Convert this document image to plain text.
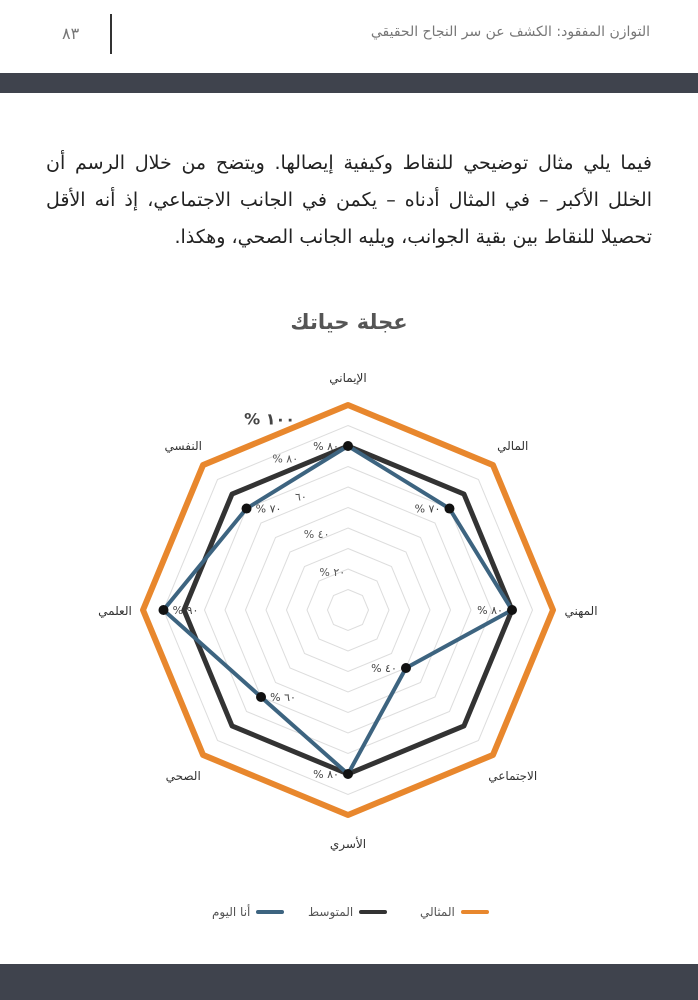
التوازن المفقود: الكشف عن سر النجاح الحقيقي
٨٣

فيما يلي مثال توضيحي للنقاط وكيفية إيصالها. ويتضح من خلال الرسم أن الخلل الأكبر – في المثال أدناه – يكمن في الجانب الاجتماعي، إذ أنه الأقل تحصيلا للنقاط بين بقية الجوانب، ويليه الجانب الصحي، وهكذا.

عجلة حياتك
٢٠ %
٤٠ %
٦٠
٨٠ %
١٠٠ %
٨٠ %
٧٠ %
٨٠ %
٤٠ %
٨٠ %
٦٠ %
٩٠ %
٧٠ %
الإيماني
المالي
المهني
الاجتماعي
الأسري
الصحي
العلمي
النفسي
المثالي
المتوسط
أنا اليوم
